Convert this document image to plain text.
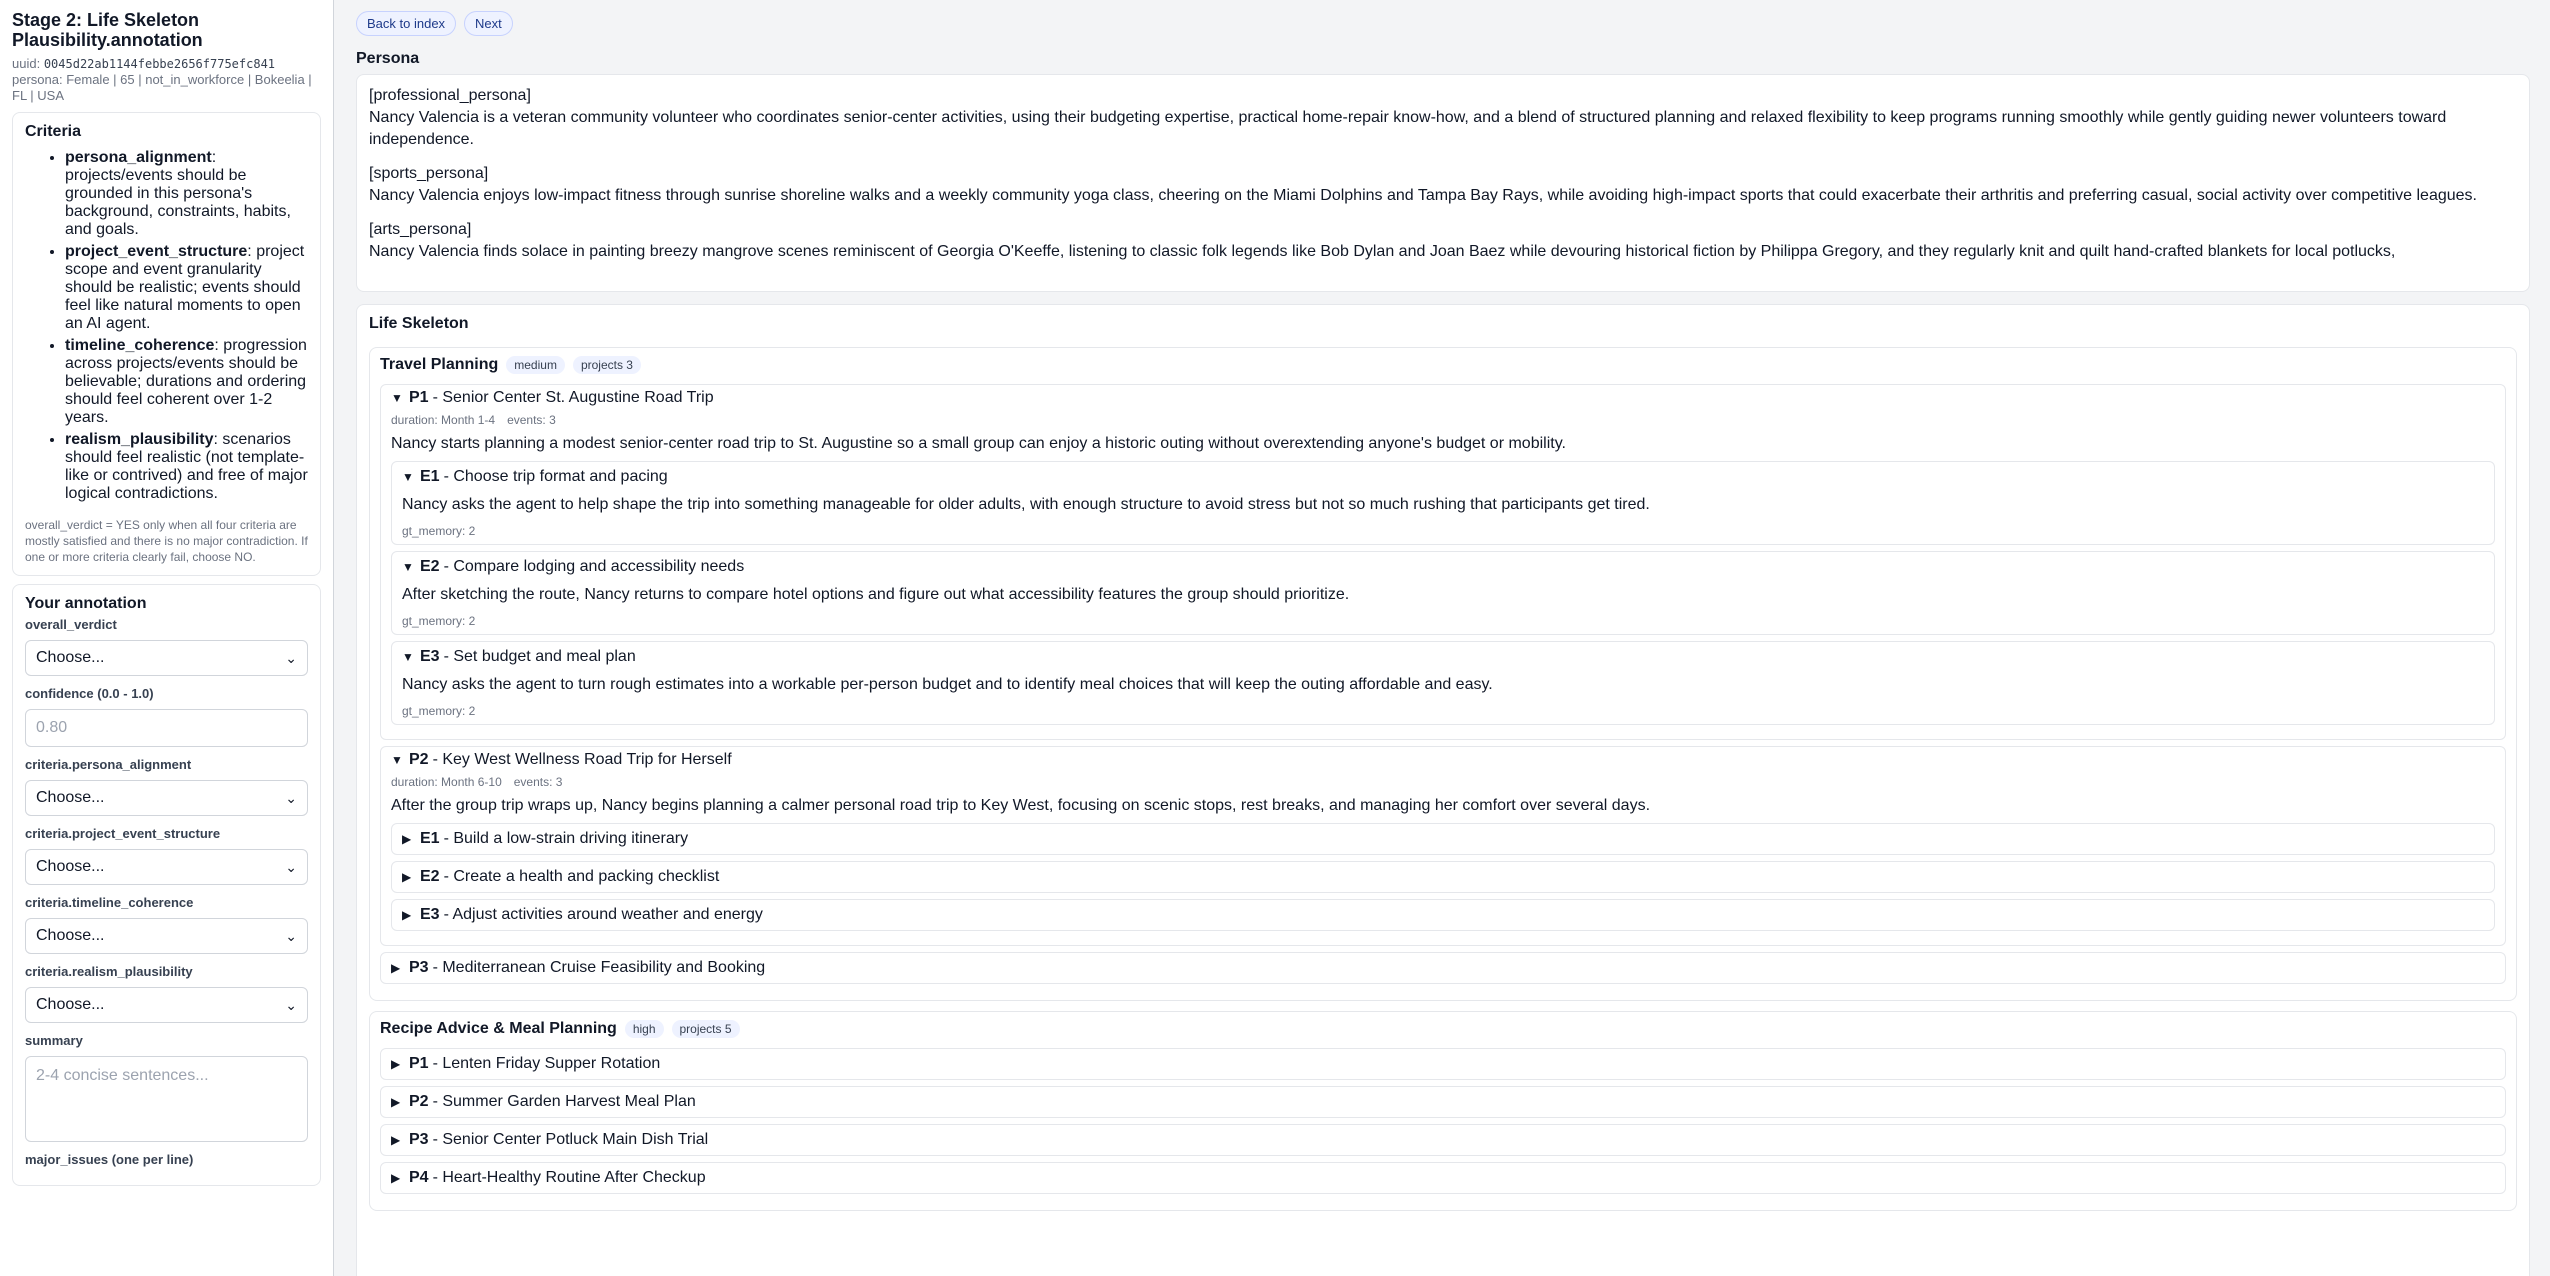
Stage 2: Life Skeleton Plausibility.annotation
uuid: 0045d22ab1144febbe2656f775efc841
persona: Female | 65 | not_in_workforce | Bokeelia | FL | USA
Criteria
• persona_alignment: projects/events should be grounded in this persona's background, constraints, habits, and goals.
• project_event_structure: project scope and event granularity should be realistic; events should feel like natural moments to open an AI agent.
• timeline_coherence: progression across projects/events should be believable; durations and ordering should feel coherent over 1-2 years.
• realism_plausibility: scenarios should feel realistic (not template-like or contrived) and free of major logical contradictions.
overall_verdict = YES only when all four criteria are mostly satisfied and there is no major contradiction. If one or more criteria clearly fail, choose NO.
Your annotation
overall_verdict
Choose...	⌄
confidence (0.0 - 1.0)
0.80
criteria.persona_alignment
Choose...	⌄
criteria.project_event_structure
Choose...	⌄
criteria.timeline_coherence
Choose...	⌄
criteria.realism_plausibility
Choose...	⌄
summary
2-4 concise sentences...
major_issues (one per line)
Back to index	Next
Persona

[professional_persona]
Nancy Valencia is a veteran community volunteer who coordinates senior-center activities, using their budgeting expertise, practical home-repair know-how, and a blend of structured planning and relaxed flexibility to keep programs running smoothly while gently guiding newer volunteers toward independence.

[sports_persona]
Nancy Valencia enjoys low-impact fitness through sunrise shoreline walks and a weekly community yoga class, cheering on the Miami Dolphins and Tampa Bay Rays, while avoiding high-impact sports that could exacerbate their arthritis and preferring casual, social activity over competitive leagues.

[arts_persona]
Nancy Valencia finds solace in painting breezy mangrove scenes reminiscent of Georgia O'Keeffe, listening to classic folk legends like Bob Dylan and Joan Baez while devouring historical fiction by Philippa Gregory, and they regularly knit and quilt hand-crafted blankets for local potlucks,

Life Skeleton
Travel Planning	medium	projects 3
▼ P1 - Senior Center St. Augustine Road Trip
duration: Month 1-4 events: 3
Nancy starts planning a modest senior-center road trip to St. Augustine so a small group can enjoy a historic outing without overextending anyone's budget or mobility.
▼ E1 - Choose trip format and pacing
Nancy asks the agent to help shape the trip into something manageable for older adults, with enough structure to avoid stress but not so much rushing that participants get tired.
gt_memory: 2
▼ E2 - Compare lodging and accessibility needs
After sketching the route, Nancy returns to compare hotel options and figure out what accessibility features the group should prioritize.
gt_memory: 2
▼ E3 - Set budget and meal plan
Nancy asks the agent to turn rough estimates into a workable per-person budget and to identify meal choices that will keep the outing affordable and easy.
gt_memory: 2
▼ P2 - Key West Wellness Road Trip for Herself
duration: Month 6-10 events: 3
After the group trip wraps up, Nancy begins planning a calmer personal road trip to Key West, focusing on scenic stops, rest breaks, and managing her comfort over several days.
▶ E1 - Build a low-strain driving itinerary
▶ E2 - Create a health and packing checklist
▶ E3 - Adjust activities around weather and energy
▶ P3 - Mediterranean Cruise Feasibility and Booking
Recipe Advice & Meal Planning	high	projects 5
▶ P1 - Lenten Friday Supper Rotation
▶ P2 - Summer Garden Harvest Meal Plan
▶ P3 - Senior Center Potluck Main Dish Trial
▶ P4 - Heart-Healthy Routine After Checkup
